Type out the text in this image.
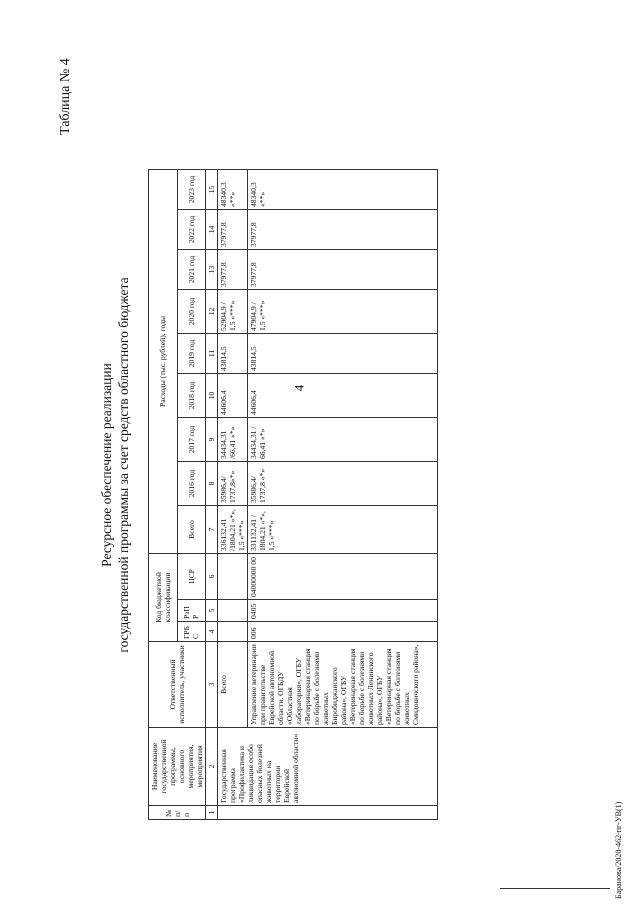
4
Таблица № 4
Ресурсное обеспечение реализации государственной программы за счет средств областного бюджета
Баранова/2020-462-пг-УВ(1)
№ п/ п	Наименование государственной программы, основного мероприятия, мероприятия	Ответственный исполнитель, участники	Код бюджетной классификации			Расходы (тыс. рублей), годы								
			ГРБ С	РзП Р	ЦСР	Всего	2016 год	2017 год	2018 год	2019 год	2020 год	2021 год	2022 год	2023 год
1	2	3	4	5	6	7	8	9	10	11	12	13	14	15
	Государственная программа «Профилактика и ликвидация особо опасных болезней животных на территории Еврейской автономной области»	Всего				336132,41 /1804,21 «*», 1,5 «***»	35986,4/ 1737,8«*»	34434,31 /66,41 «*»	44606,4	43814,5	52904,9 / 1,5 «***»	37977,8	37977,8	48340,3 «**»
		Управление ветеринарии при правительстве Еврейской автономной области, ОГБДУ «Областная лаборатория», ОГБУ «Ветеринарная станция по борьбе с болезнями животных Биробиджанского района», ОГБУ «Ветеринарная станция по борьбе с болезнями животных Ленинского района», ОГБУ «Ветеринарная станция по борьбе с болезнями животных Смидовичского района»,	006	0405	04000000 00	331132,41 / 1804,21 «*», 1,5 «***»	35986,4/ 1737,8 «*»	34434,31 / 66,41 «*»	44606,4	43814,5	47904,9 / 1,5 «***»	37977,8	37977,8	48340,3 «**»
